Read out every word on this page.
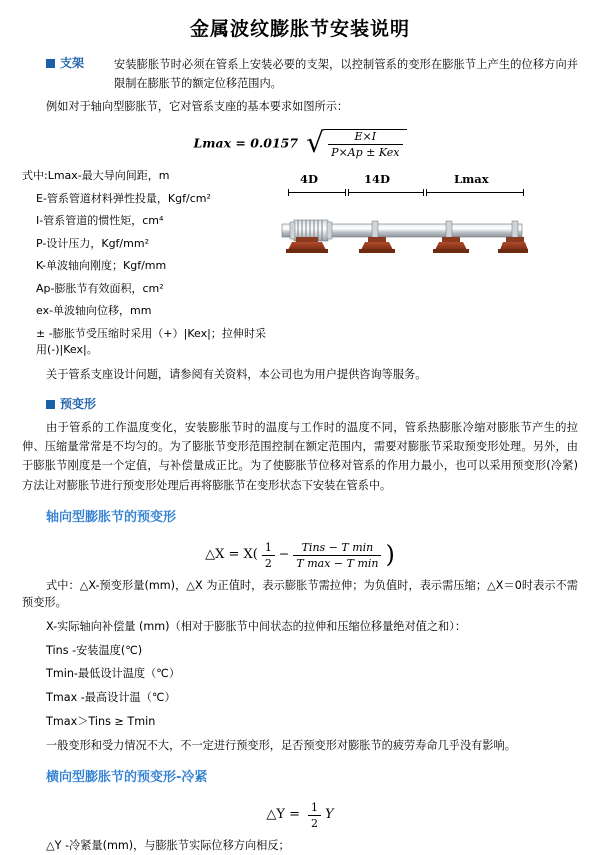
金属波纹膨胀节安装说明

支架	安装膨胀节时必须在管系上安装必要的支架，以控制管系的变形在膨胀节上产生的位移方向并限制在膨胀节的额定位移范围内。

例如对于轴向型膨胀节，它对管系支座的基本要求如图所示：

Lmax = 0.0157 √ $\frac{E\times I}{\text{P×Ap ± Kex}}$

式中:Lmax-最大导向间距，m

E-管系管道材料弹性投量，Kgf/cm²

I-管系管道的惯性矩，cm⁴

P-设计压力，Kgf/mm²

K-单波轴向刚度；Kgf/mm

Ap-膨胀节有效面积，cm²

ex-单波轴向位移，mm

± -膨胀节受压缩时采用（+）|Kex|；拉伸时采用(-)|Kex|。

4D	14D	Lmax

关于管系支座设计问题，请参阅有关资料，本公司也为用户提供咨询等服务。

预变形

由于管系的工作温度变化，安装膨胀节时的温度与工作时的温度不同，管系热膨胀冷缩对膨胀节产生的拉伸、压缩量常常是不均匀的。为了膨胀节变形范围控制在额定范围内，需要对膨胀节采取预变形处理。另外，由于膨胀节刚度是一个定值，与补偿量成正比。为了使膨胀节位移对管系的作用力最小，也可以采用预变形(冷紧)方法让对膨胀节进行预变形处理后再将膨胀节在变形状态下安装在管系中。

轴向型膨胀节的预变形

△X = $X( \frac{1}{2} - \frac{\text{Tins − T min}}{\text{T max − T min}}$ )

式中：△X-预变形量(mm)，△X 为正值时，表示膨胀节需拉伸；为负值时，表示需压缩；△X＝0时表示不需预变形。

X-实际轴向补偿量 (mm)（相对于膨胀节中间状态的拉伸和压缩位移量绝对值之和）：

Tins -安装温度(℃)

Tmin-最低设计温度（℃）

Tmax -最高设计温（℃）

Tmax＞Tins ≥ Tmin

一般变形和受力情况不大，不一定进行预变形，足否预变形对膨胀节的疲劳寿命几乎没有影响。

横向型膨胀节的预变形-冷紧

△Y = $\frac{1}{2}$ Y

△Y -冷紧量(mm)，与膨胀节实际位移方向相反；
